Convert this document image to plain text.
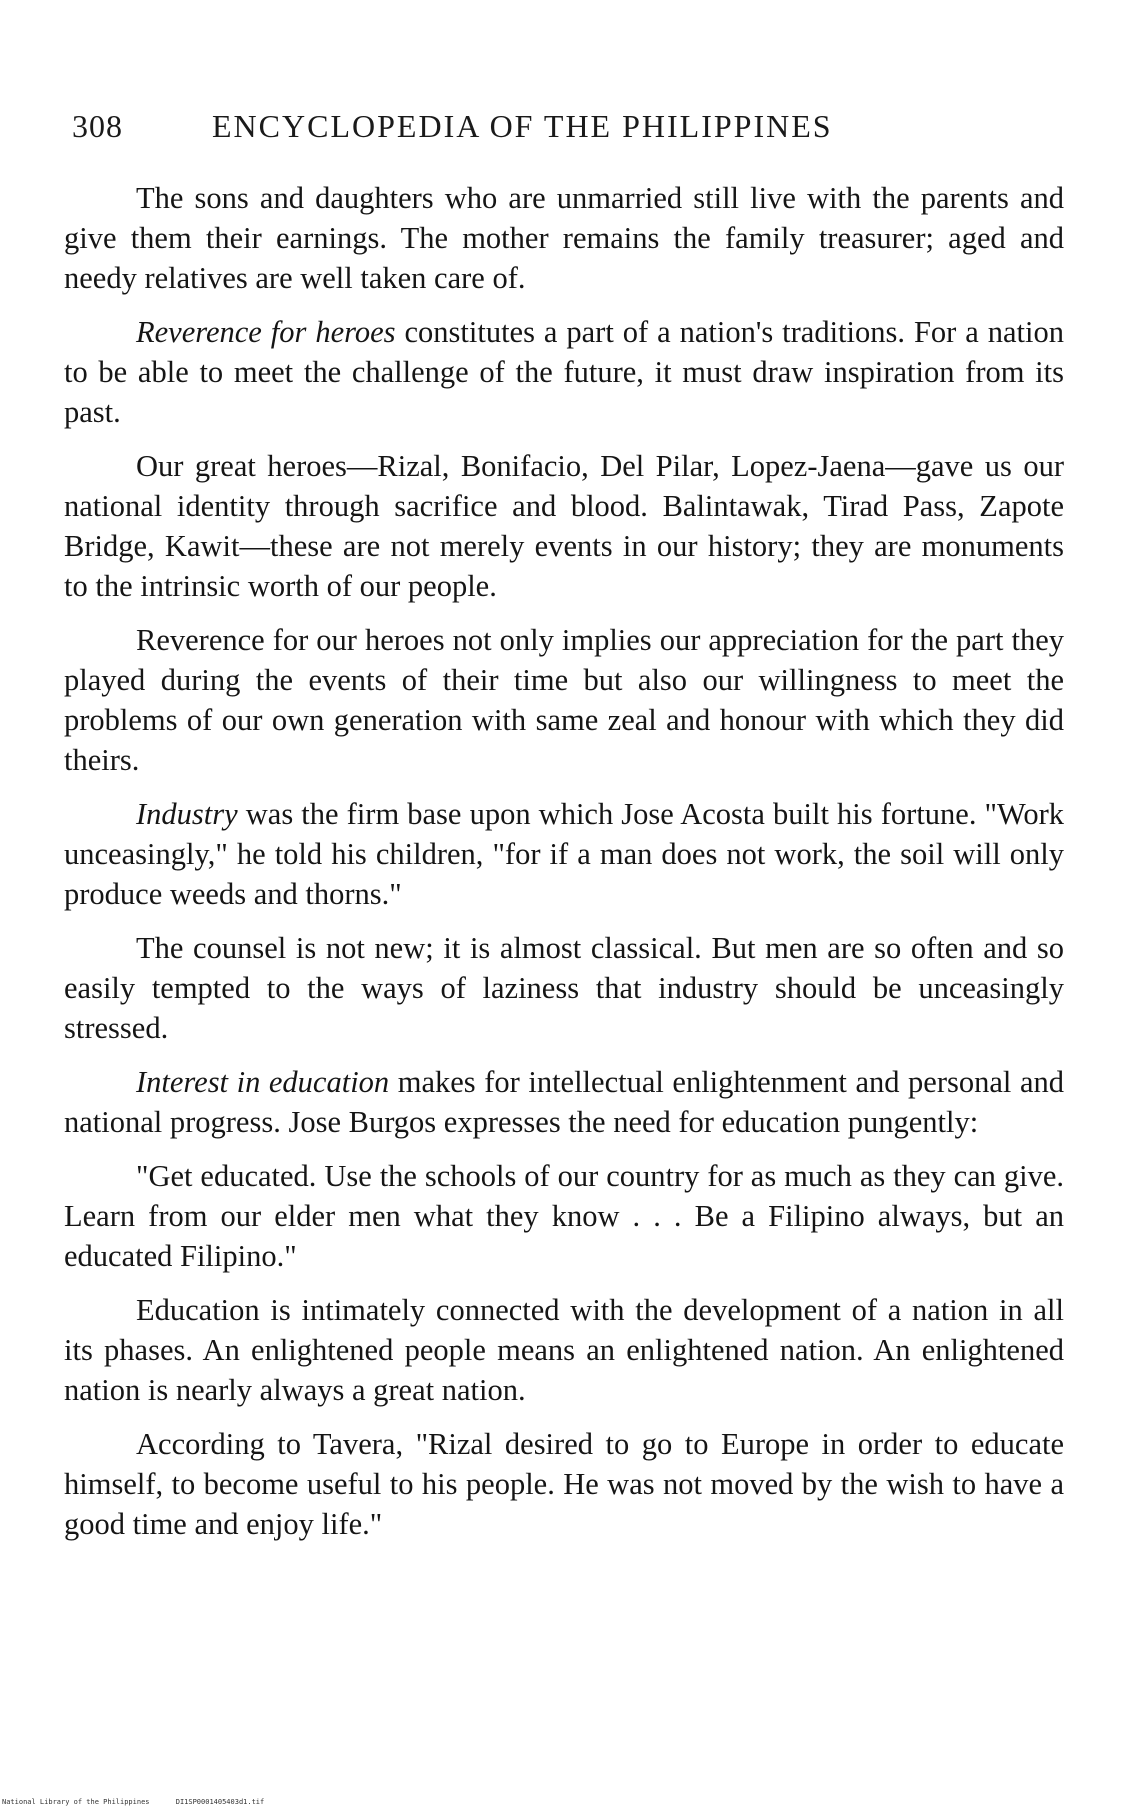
308	ENCYCLOPEDIA OF THE PHILIPPINES

The sons and daughters who are unmarried still live with the parents and give them their earnings. The mother remains the family treasurer; aged and needy relatives are well taken care of.

Reverence for heroes constitutes a part of a nation's traditions. For a nation to be able to meet the challenge of the future, it must draw inspiration from its past.

Our great heroes—Rizal, Bonifacio, Del Pilar, Lopez-Jaena—gave us our national identity through sacrifice and blood. Balintawak, Tirad Pass, Zapote Bridge, Kawit—these are not merely events in our history; they are monuments to the intrinsic worth of our people.

Reverence for our heroes not only implies our appreciation for the part they played during the events of their time but also our willingness to meet the problems of our own generation with same zeal and honour with which they did theirs.

Industry was the firm base upon which Jose Acosta built his fortune. "Work unceasingly," he told his children, "for if a man does not work, the soil will only produce weeds and thorns."

The counsel is not new; it is almost classical. But men are so often and so easily tempted to the ways of laziness that industry should be unceasingly stressed.

Interest in education makes for intellectual enlightenment and personal and national progress. Jose Burgos expresses the need for education pungently:

"Get educated. Use the schools of our country for as much as they can give. Learn from our elder men what they know . . . Be a Filipino always, but an educated Filipino."

Education is intimately connected with the development of a nation in all its phases. An enlightened people means an enlightened nation. An enlightened nation is nearly always a great nation.

According to Tavera, "Rizal desired to go to Europe in order to educate himself, to become useful to his people. He was not moved by the wish to have a good time and enjoy life."

National Library of the Philippines	DI1SP0001405403d1.tif
